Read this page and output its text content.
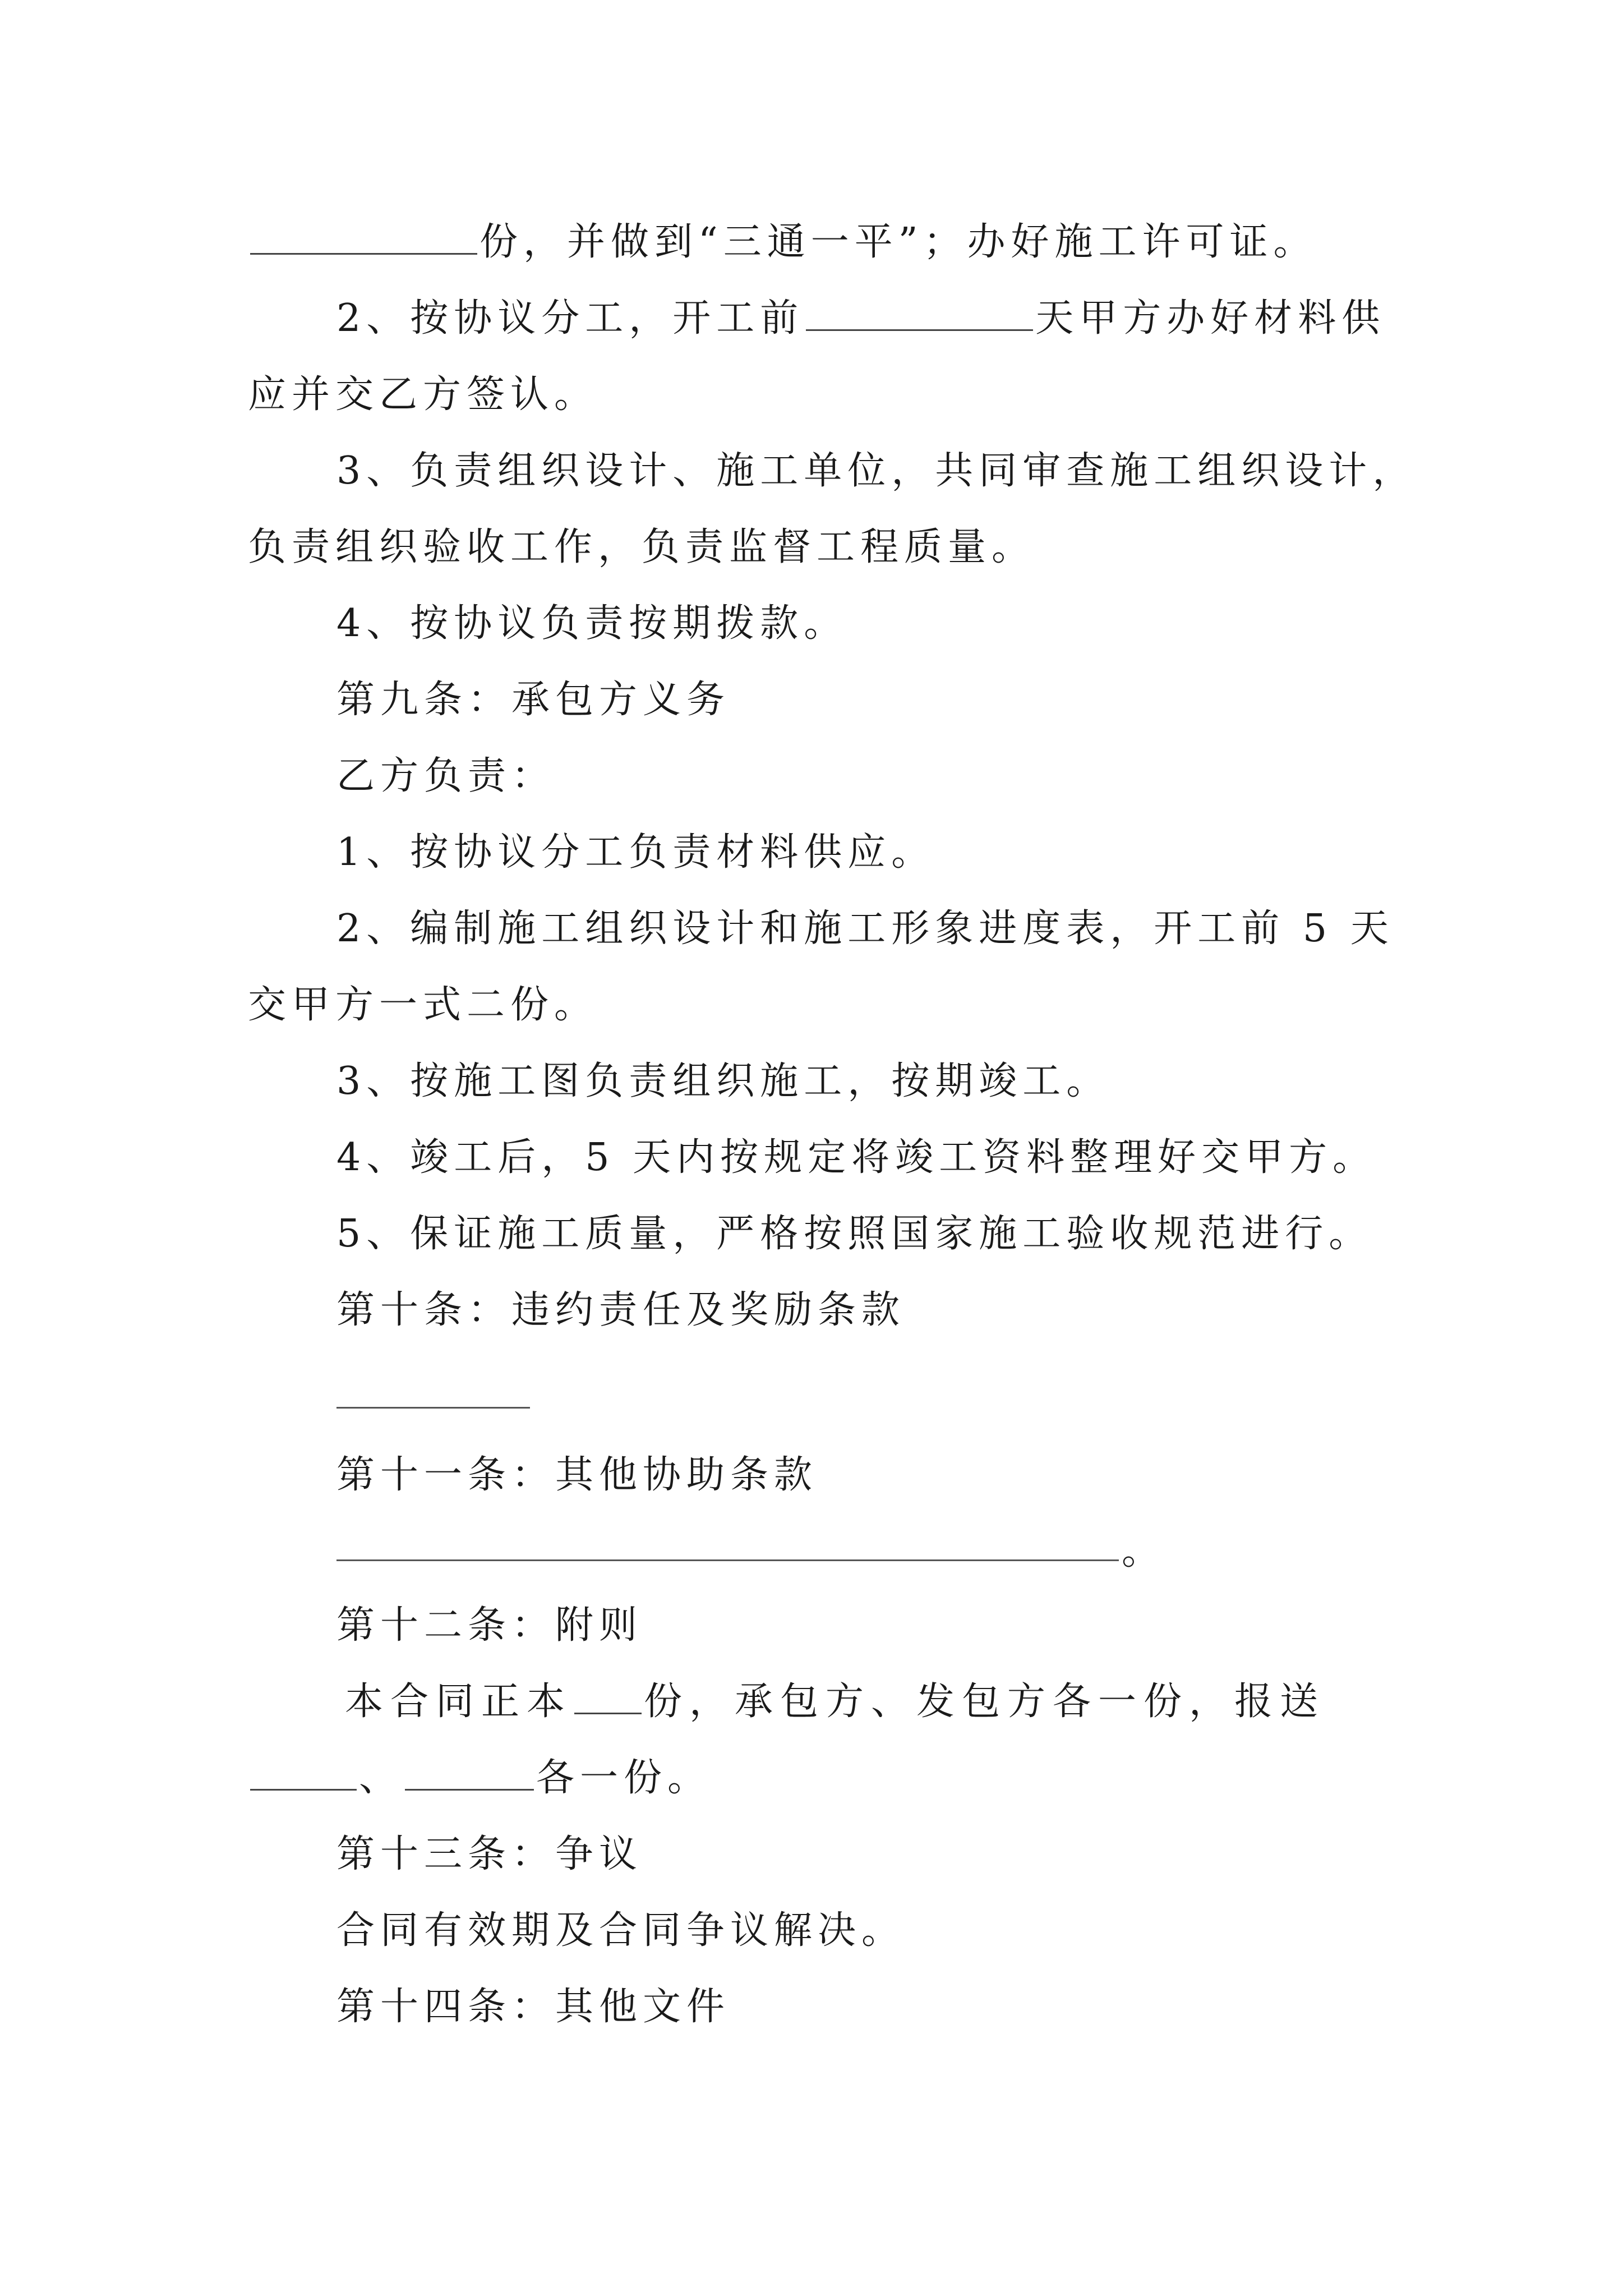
份，并做到“三通一平”；办好施工许可证。
2、按协议分工，开工前	天甲方办好材料供
应并交乙方签认。
3、负责组织设计、施工单位，共同审查施工组织设计，
负责组织验收工作，负责监督工程质量。
4、按协议负责按期拨款。
第九条：承包方义务
乙方负责：
1、按协议分工负责材料供应。
2、编制施工组织设计和施工形象进度表，开工前 5 天
交甲方一式二份。
3、按施工图负责组织施工，按期竣工。
4、竣工后，5 天内按规定将竣工资料整理好交甲方。
5、保证施工质量，严格按照国家施工验收规范进行。
第十条：违约责任及奖励条款
第十一条：其他协助条款
。
第十二条：附则
本合同正本 份，承包方、发包方各一份，报送
、	各一份。
第十三条：争议
合同有效期及合同争议解决。
第十四条：其他文件
